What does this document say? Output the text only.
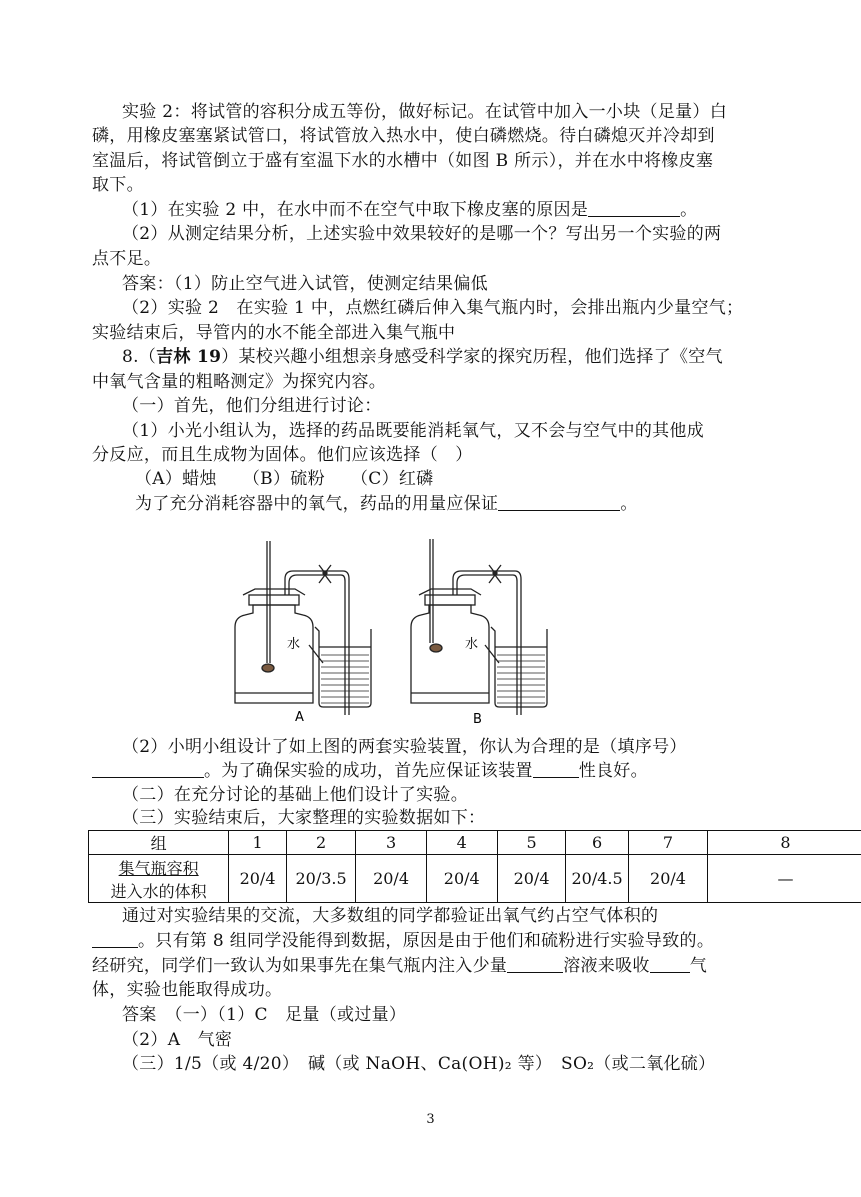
实验 2：将试管的容积分成五等份，做好标记。在试管中加入一小块（足量）白
磷，用橡皮塞塞紧试管口，将试管放入热水中，使白磷燃烧。待白磷熄灭并冷却到
室温后，将试管倒立于盛有室温下水的水槽中（如图 B 所示），并在水中将橡皮塞
取下。
（1）在实验 2 中，在水中而不在空气中取下橡皮塞的原因是	。
（2）从测定结果分析，上述实验中效果较好的是哪一个？写出另一个实验的两
点不足。
答案：（1）防止空气进入试管，使测定结果偏低
（2）实验 2　在实验 1 中，点燃红磷后伸入集气瓶内时，会排出瓶内少量空气；
实验结束后，导管内的水不能全部进入集气瓶中
8.（吉林 19）某校兴趣小组想亲身感受科学家的探究历程，他们选择了《空气
中氧气含量的粗略测定》为探究内容。
（一）首先，他们分组进行讨论：
（1）小光小组认为，选择的药品既要能消耗氧气，又不会与空气中的其他成
分反应，而且生成物为固体。他们应该选择（　）
（A）蜡烛　　（B）硫粉　　（C）红磷
为了充分消耗容器中的氧气，药品的用量应保证	。
水	水
A	B
（2）小明小组设计了如上图的两套实验装置，你认为合理的是（填序号）
。为了确保实验的成功，首先应保证该装置	性良好。
（二）在充分讨论的基础上他们设计了实验。
（三）实验结束后，大家整理的实验数据如下：
组	1	2	3	4	5	6	7	8

集气瓶容积
进入水的体积	20/4	20/3.5	20/4	20/4	20/4	20/4.5	20/4	—
通过对实验结果的交流，大多数组的同学都验证出氧气约占空气体积的
。只有第 8 组同学没能得到数据，原因是由于他们和硫粉进行实验导致的。
经研究，同学们一致认为如果事先在集气瓶内注入少量	溶液来吸收 气
体，实验也能取得成功。
答案　（一）（1）C　足量（或过量）
（2）A　气密
（三）1/5（或 4/20）　碱（或 NaOH、Ca(OH)₂ 等）　SO₂（或二氧化硫）
3
